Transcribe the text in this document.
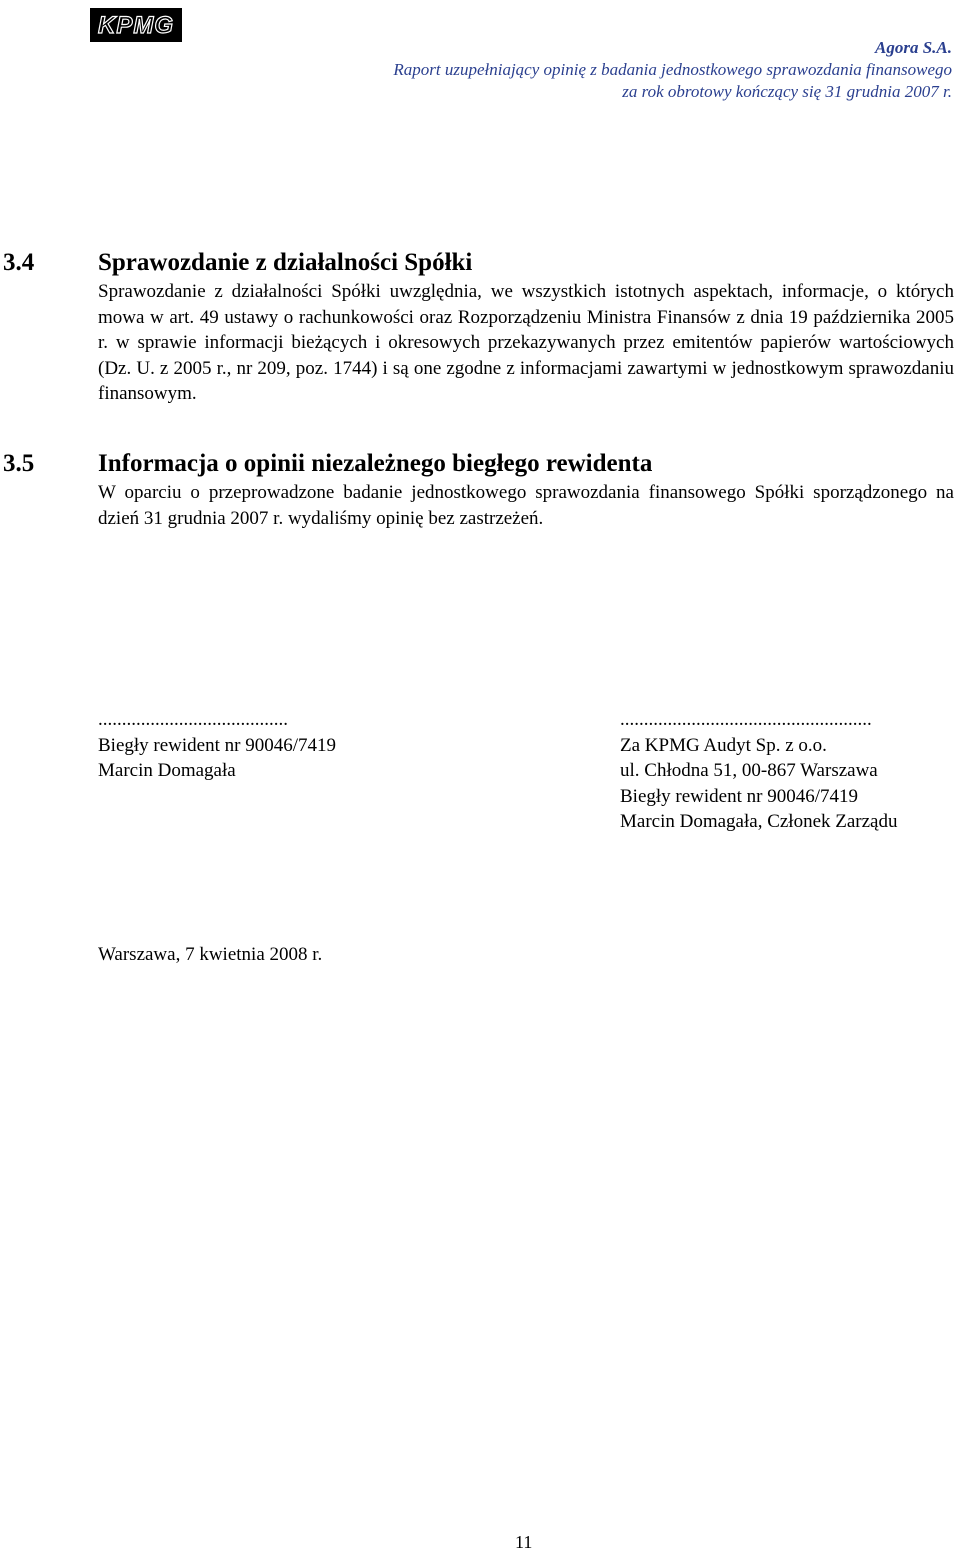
KPMG
Agora S.A.
Raport uzupełniający opinię z badania jednostkowego sprawozdania finansowego
za rok obrotowy kończący się 31 grudnia 2007 r.
3.4	Sprawozdanie z działalności Spółki
Sprawozdanie z działalności Spółki uwzględnia, we wszystkich istotnych aspektach, informacje, o których mowa w art. 49 ustawy o rachunkowości oraz Rozporządzeniu Ministra Finansów z dnia 19 października 2005 r. w sprawie informacji bieżących i okresowych przekazywanych przez emitentów papierów wartościowych (Dz. U. z 2005 r., nr 209, poz. 1744) i są one zgodne z informacjami zawartymi w jednostkowym sprawozdaniu finansowym.
3.5	Informacja o opinii niezależnego biegłego rewidenta
W oparciu o przeprowadzone badanie jednostkowego sprawozdania finansowego Spółki sporządzonego na dzień 31 grudnia 2007 r. wydaliśmy opinię bez zastrzeżeń.
........................................
Biegły rewident nr 90046/7419
Marcin Domagała
.....................................................
Za KPMG Audyt Sp. z o.o.
ul. Chłodna 51, 00-867 Warszawa
Biegły rewident nr 90046/7419
Marcin Domagała, Członek Zarządu
Warszawa, 7 kwietnia 2008 r.
11
